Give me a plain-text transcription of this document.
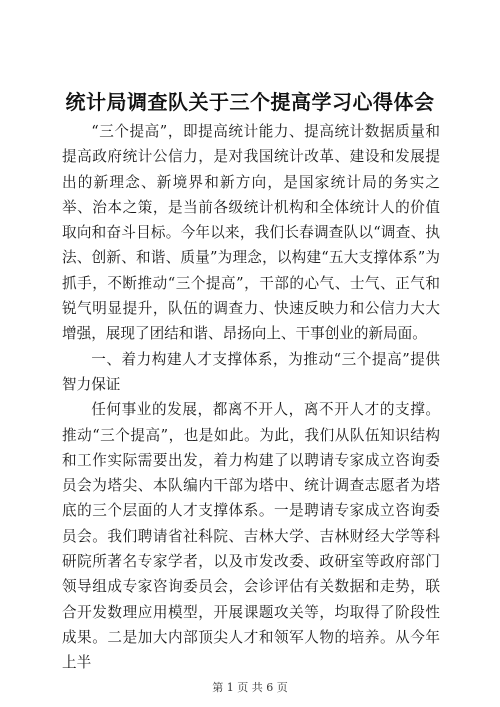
统计局调查队关于三个提高学习心得体会

“三个提高”，即提高统计能力、提高统计数据质量和提高政府统计公信力，是对我国统计改革、建设和发展提出的新理念、新境界和新方向，是国家统计局的务实之举、治本之策，是当前各级统计机构和全体统计人的价值取向和奋斗目标。今年以来，我们长春调查队以“调查、执法、创新、和谐、质量”为理念，以构建“五大支撑体系”为抓手，不断推动“三个提高”，干部的心气、士气、正气和锐气明显提升，队伍的调查力、快速反映力和公信力大大增强，展现了团结和谐、昂扬向上、干事创业的新局面。

一、着力构建人才支撑体系，为推动“三个提高”提供智力保证

任何事业的发展，都离不开人，离不开人才的支撑。推动“三个提高”，也是如此。为此，我们从队伍知识结构和工作实际需要出发，着力构建了以聘请专家成立咨询委员会为塔尖、本队编内干部为塔中、统计调查志愿者为塔底的三个层面的人才支撑体系。一是聘请专家成立咨询委员会。我们聘请省社科院、吉林大学、吉林财经大学等科研院所著名专家学者，以及市发改委、政研室等政府部门领导组成专家咨询委员会，会诊评估有关数据和走势，联合开发数理应用模型，开展课题攻关等，均取得了阶段性成果。二是加大内部顶尖人才和领军人物的培养。从今年上半

第 1 页 共 6 页
